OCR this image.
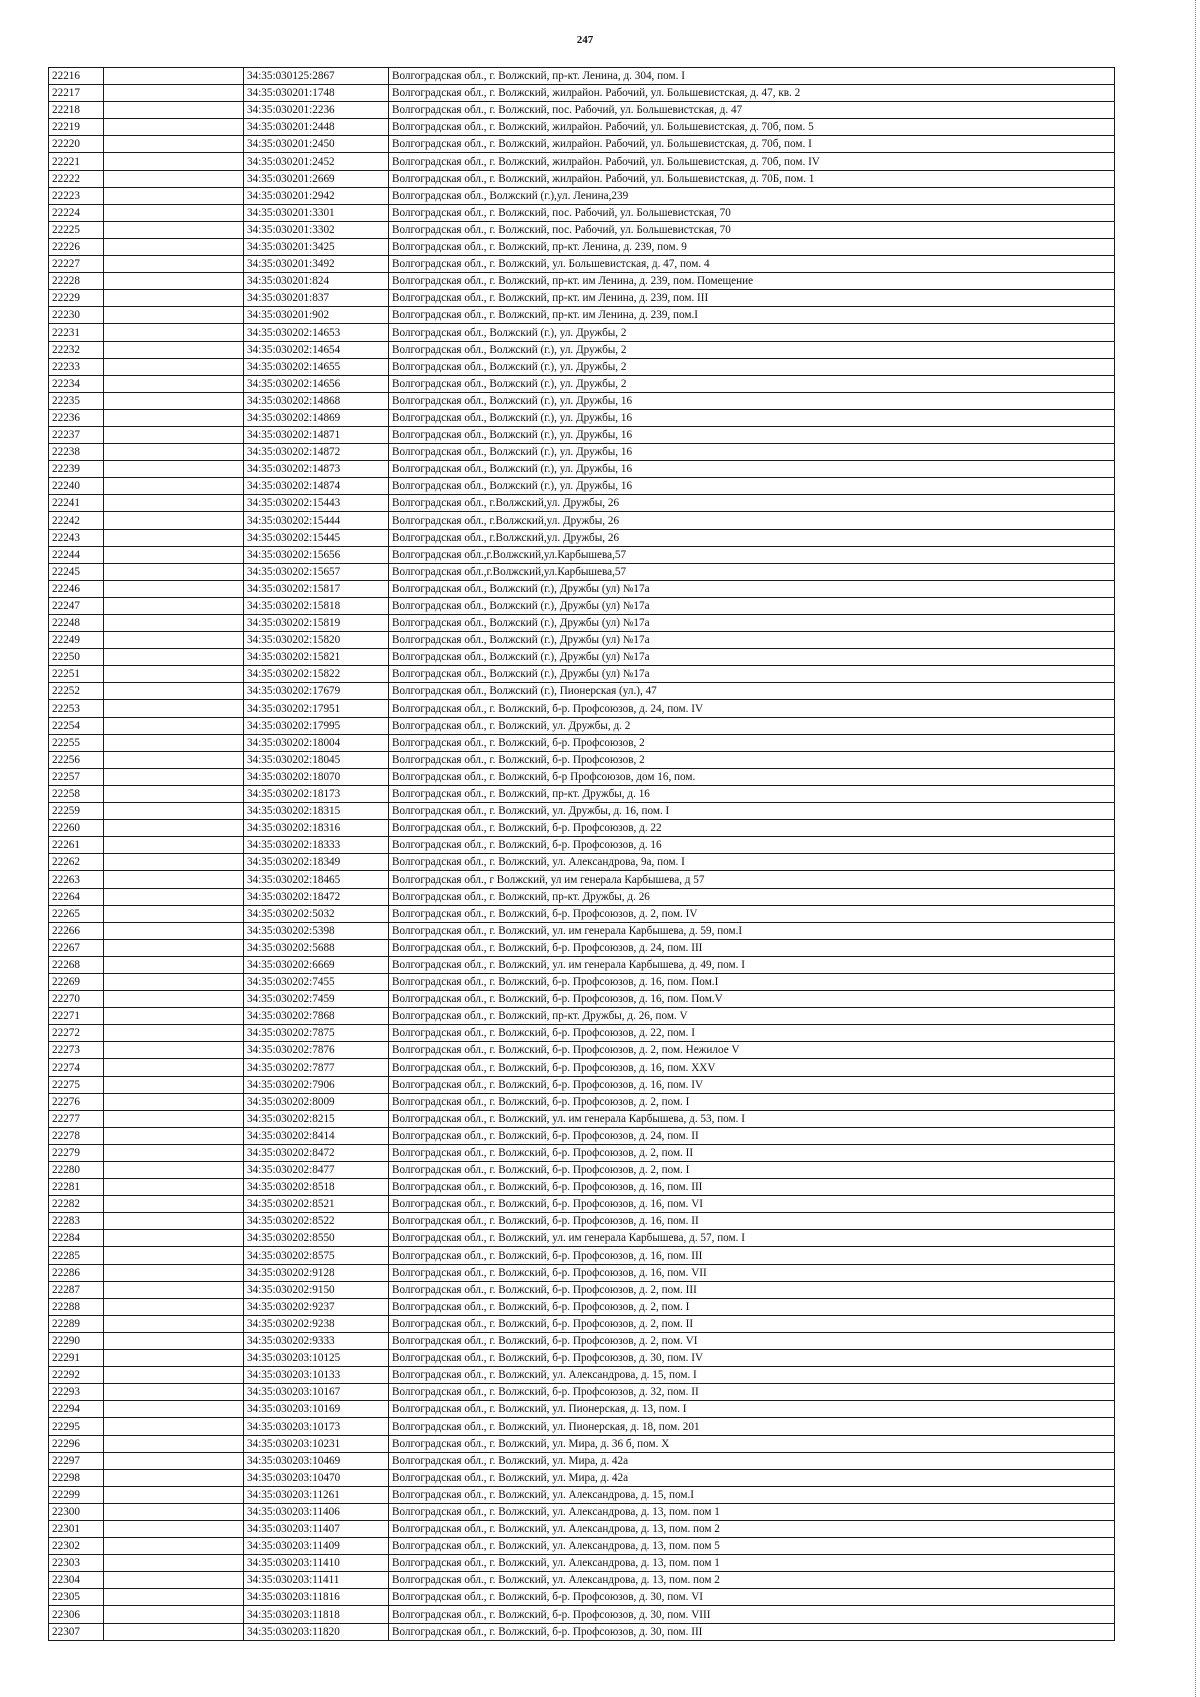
247
22216		34:35:030125:2867	Волгоградская обл., г. Волжский, пр-кт. Ленина, д. 304, пом. I
22217		34:35:030201:1748	Волгоградская обл., г. Волжский, жилрайон. Рабочий, ул. Большевистская, д. 47, кв. 2
22218		34:35:030201:2236	Волгоградская обл., г. Волжский, пос. Рабочий, ул. Большевистская, д. 47
22219		34:35:030201:2448	Волгоградская обл., г. Волжский, жилрайон. Рабочий, ул. Большевистская, д. 70б, пом. 5
22220		34:35:030201:2450	Волгоградская обл., г. Волжский, жилрайон. Рабочий, ул. Большевистская, д. 70б, пом. I
22221		34:35:030201:2452	Волгоградская обл., г. Волжский, жилрайон. Рабочий, ул. Большевистская, д. 70б, пом. IV
22222		34:35:030201:2669	Волгоградская обл., г. Волжский, жилрайон. Рабочий, ул. Большевистская, д. 70Б, пом. 1
22223		34:35:030201:2942	Волгоградская обл., Волжский (г.),ул. Ленина,239
22224		34:35:030201:3301	Волгоградская обл., г. Волжский, пос. Рабочий, ул. Большевистская, 70
22225		34:35:030201:3302	Волгоградская обл., г. Волжский, пос. Рабочий, ул. Большевистская, 70
22226		34:35:030201:3425	Волгоградская обл., г. Волжский, пр-кт. Ленина, д. 239, пом. 9
22227		34:35:030201:3492	Волгоградская обл., г. Волжский, ул. Большевистская, д. 47, пом. 4
22228		34:35:030201:824	Волгоградская обл., г. Волжский, пр-кт. им Ленина, д. 239, пом. Помещение
22229		34:35:030201:837	Волгоградская обл., г. Волжский, пр-кт. им Ленина, д. 239, пом. III
22230		34:35:030201:902	Волгоградская обл., г. Волжский, пр-кт. им Ленина, д. 239, пом.I
22231		34:35:030202:14653	Волгоградская обл., Волжский (г.), ул. Дружбы, 2
22232		34:35:030202:14654	Волгоградская обл., Волжский (г.), ул. Дружбы, 2
22233		34:35:030202:14655	Волгоградская обл., Волжский (г.), ул. Дружбы, 2
22234		34:35:030202:14656	Волгоградская обл., Волжский (г.), ул. Дружбы, 2
22235		34:35:030202:14868	Волгоградская обл., Волжский (г.), ул. Дружбы, 16
22236		34:35:030202:14869	Волгоградская обл., Волжский (г.), ул. Дружбы, 16
22237		34:35:030202:14871	Волгоградская обл., Волжский (г.), ул. Дружбы, 16
22238		34:35:030202:14872	Волгоградская обл., Волжский (г.), ул. Дружбы, 16
22239		34:35:030202:14873	Волгоградская обл., Волжский (г.), ул. Дружбы, 16
22240		34:35:030202:14874	Волгоградская обл., Волжский (г.), ул. Дружбы, 16
22241		34:35:030202:15443	Волгоградская обл., г.Волжский,ул. Дружбы, 26
22242		34:35:030202:15444	Волгоградская обл., г.Волжский,ул. Дружбы, 26
22243		34:35:030202:15445	Волгоградская обл., г.Волжский,ул. Дружбы, 26
22244		34:35:030202:15656	Волгоградская обл.,г.Волжский,ул.Карбышева,57
22245		34:35:030202:15657	Волгоградская обл.,г.Волжский,ул.Карбышева,57
22246		34:35:030202:15817	Волгоградская обл., Волжский (г.), Дружбы (ул) №17а
22247		34:35:030202:15818	Волгоградская обл., Волжский (г.), Дружбы (ул) №17а
22248		34:35:030202:15819	Волгоградская обл., Волжский (г.), Дружбы (ул) №17а
22249		34:35:030202:15820	Волгоградская обл., Волжский (г.), Дружбы (ул) №17а
22250		34:35:030202:15821	Волгоградская обл., Волжский (г.), Дружбы (ул) №17а
22251		34:35:030202:15822	Волгоградская обл., Волжский (г.), Дружбы (ул) №17а
22252		34:35:030202:17679	Волгоградская обл., Волжский (г.), Пионерская (ул.), 47
22253		34:35:030202:17951	Волгоградская обл., г. Волжский, б-р. Профсоюзов, д. 24, пом. IV
22254		34:35:030202:17995	Волгоградская обл., г. Волжский, ул. Дружбы, д. 2
22255		34:35:030202:18004	Волгоградская обл., г. Волжский, б-р. Профсоюзов, 2
22256		34:35:030202:18045	Волгоградская обл., г. Волжский, б-р. Профсоюзов, 2
22257		34:35:030202:18070	Волгоградская обл., г. Волжский, б-р Профсоюзов, дом 16, пом.
22258		34:35:030202:18173	Волгоградская обл., г. Волжский, пр-кт. Дружбы, д. 16
22259		34:35:030202:18315	Волгоградская обл., г. Волжский, ул. Дружбы, д. 16, пом. I
22260		34:35:030202:18316	Волгоградская обл., г. Волжский, б-р. Профсоюзов, д. 22
22261		34:35:030202:18333	Волгоградская обл., г. Волжский, б-р. Профсоюзов, д. 16
22262		34:35:030202:18349	Волгоградская обл., г. Волжский, ул. Александрова, 9а, пом. I
22263		34:35:030202:18465	Волгоградская обл., г Волжский, ул им генерала Карбышева, д 57
22264		34:35:030202:18472	Волгоградская обл., г. Волжский, пр-кт. Дружбы, д. 26
22265		34:35:030202:5032	Волгоградская обл., г. Волжский, б-р. Профсоюзов, д. 2, пом. IV
22266		34:35:030202:5398	Волгоградская обл., г. Волжский, ул. им генерала Карбышева, д. 59, пом.I
22267		34:35:030202:5688	Волгоградская обл., г. Волжский, б-р. Профсоюзов, д. 24, пом. III
22268		34:35:030202:6669	Волгоградская обл., г. Волжский, ул. им генерала Карбышева, д. 49, пом. I
22269		34:35:030202:7455	Волгоградская обл., г. Волжский, б-р. Профсоюзов, д. 16, пом. Пом.I
22270		34:35:030202:7459	Волгоградская обл., г. Волжский, б-р. Профсоюзов, д. 16, пом. Пом.V
22271		34:35:030202:7868	Волгоградская обл., г. Волжский, пр-кт. Дружбы, д. 26, пом. V
22272		34:35:030202:7875	Волгоградская обл., г. Волжский, б-р. Профсоюзов, д. 22, пом. I
22273		34:35:030202:7876	Волгоградская обл., г. Волжский, б-р. Профсоюзов, д. 2, пом. Нежилое V
22274		34:35:030202:7877	Волгоградская обл., г. Волжский, б-р. Профсоюзов, д. 16, пом. XXV
22275		34:35:030202:7906	Волгоградская обл., г. Волжский, б-р. Профсоюзов, д. 16, пом. IV
22276		34:35:030202:8009	Волгоградская обл., г. Волжский, б-р. Профсоюзов, д. 2, пом. I
22277		34:35:030202:8215	Волгоградская обл., г. Волжский, ул. им генерала Карбышева, д. 53, пом. I
22278		34:35:030202:8414	Волгоградская обл., г. Волжский, б-р. Профсоюзов, д. 24, пом. II
22279		34:35:030202:8472	Волгоградская обл., г. Волжский, б-р. Профсоюзов, д. 2, пом. II
22280		34:35:030202:8477	Волгоградская обл., г. Волжский, б-р. Профсоюзов, д. 2, пом. I
22281		34:35:030202:8518	Волгоградская обл., г. Волжский, б-р. Профсоюзов, д. 16, пом. III
22282		34:35:030202:8521	Волгоградская обл., г. Волжский, б-р. Профсоюзов, д. 16, пом. VI
22283		34:35:030202:8522	Волгоградская обл., г. Волжский, б-р. Профсоюзов, д. 16, пом. II
22284		34:35:030202:8550	Волгоградская обл., г. Волжский, ул. им генерала Карбышева, д. 57, пом. I
22285		34:35:030202:8575	Волгоградская обл., г. Волжский, б-р. Профсоюзов, д. 16, пом. III
22286		34:35:030202:9128	Волгоградская обл., г. Волжский, б-р. Профсоюзов, д. 16, пом. VII
22287		34:35:030202:9150	Волгоградская обл., г. Волжский, б-р. Профсоюзов, д. 2, пом. III
22288		34:35:030202:9237	Волгоградская обл., г. Волжский, б-р. Профсоюзов, д. 2, пом. I
22289		34:35:030202:9238	Волгоградская обл., г. Волжский, б-р. Профсоюзов, д. 2, пом. II
22290		34:35:030202:9333	Волгоградская обл., г. Волжский, б-р. Профсоюзов, д. 2, пом. VI
22291		34:35:030203:10125	Волгоградская обл., г. Волжский, б-р. Профсоюзов, д. 30, пом. IV
22292		34:35:030203:10133	Волгоградская обл., г. Волжский, ул. Александрова, д. 15, пом. I
22293		34:35:030203:10167	Волгоградская обл., г. Волжский, б-р. Профсоюзов, д. 32, пом. II
22294		34:35:030203:10169	Волгоградская обл., г. Волжский, ул. Пионерская, д. 13, пом. I
22295		34:35:030203:10173	Волгоградская обл., г. Волжский, ул. Пионерская, д. 18, пом. 201
22296		34:35:030203:10231	Волгоградская обл., г. Волжский, ул. Мира, д. 36 б, пом. X
22297		34:35:030203:10469	Волгоградская обл., г. Волжский, ул. Мира, д. 42а
22298		34:35:030203:10470	Волгоградская обл., г. Волжский, ул. Мира, д. 42а
22299		34:35:030203:11261	Волгоградская обл., г. Волжский, ул. Александрова, д. 15, пом.I
22300		34:35:030203:11406	Волгоградская обл., г. Волжский, ул. Александрова, д. 13, пом. пом 1
22301		34:35:030203:11407	Волгоградская обл., г. Волжский, ул. Александрова, д. 13, пом. пом 2
22302		34:35:030203:11409	Волгоградская обл., г. Волжский, ул. Александрова, д. 13, пом. пом 5
22303		34:35:030203:11410	Волгоградская обл., г. Волжский, ул. Александрова, д. 13, пом. пом 1
22304		34:35:030203:11411	Волгоградская обл., г. Волжский, ул. Александрова, д. 13, пом. пом 2
22305		34:35:030203:11816	Волгоградская обл., г. Волжский, б-р. Профсоюзов, д. 30, пом. VI
22306		34:35:030203:11818	Волгоградская обл., г. Волжский, б-р. Профсоюзов, д. 30, пом. VIII
22307		34:35:030203:11820	Волгоградская обл., г. Волжский, б-р. Профсоюзов, д. 30, пом. III
